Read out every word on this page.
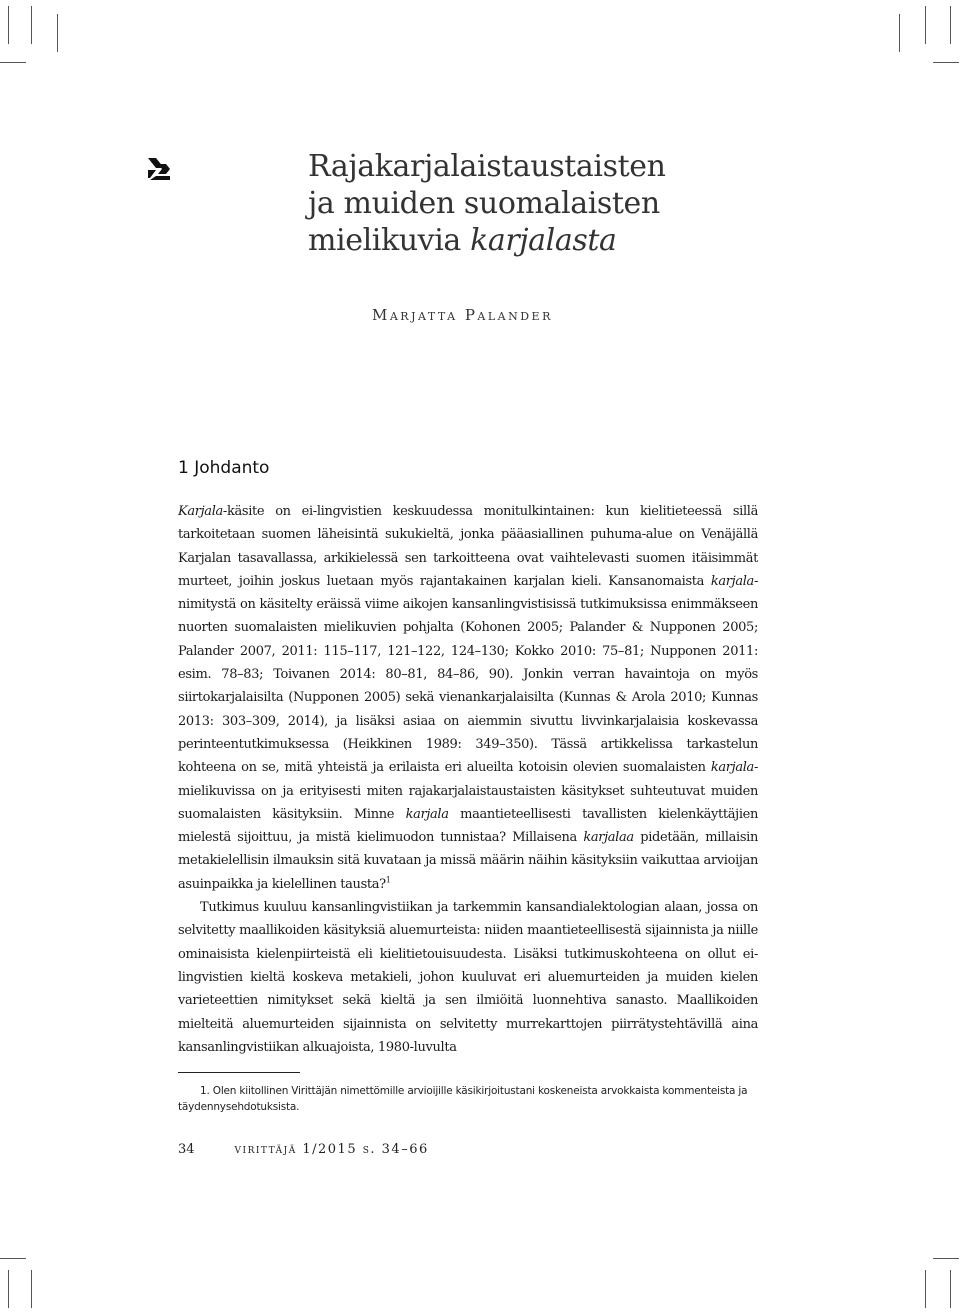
Rajakarjalaistaustaisten
ja muiden suomalaisten
mielikuvia karjalasta
Marjatta Palander
1 Johdanto

Karjala-käsite on ei-lingvistien keskuudessa monitulkintainen: kun kielitieteessä sillä tarkoitetaan suomen läheisintä sukukieltä, jonka pääasiallinen puhuma-alue on Venäjällä Karjalan tasavallassa, arkikielessä sen tarkoitteena ovat vaihtelevasti suomen itäisimmät murteet, joihin joskus luetaan myös rajantakainen karjalan kieli. Kansanomaista karjala-nimitystä on käsitelty eräissä viime aikojen kansanlingvistisissä tutkimuksissa enimmäkseen nuorten suomalaisten mielikuvien pohjalta (Kohonen 2005; Palander & Nupponen 2005; Palander 2007, 2011: 115–117, 121–122, 124–130; Kokko 2010: 75–81; Nupponen 2011: esim. 78–83; Toivanen 2014: 80–81, 84–86, 90). Jonkin verran havaintoja on myös siirtokarjalaisilta (Nupponen 2005) sekä vienankarjalaisilta (Kunnas & Arola 2010; Kunnas 2013: 303–309, 2014), ja lisäksi asiaa on aiemmin sivuttu livvinkarjalaisia koskevassa perinteentutkimuksessa (Heikkinen 1989: 349–350). Tässä artikkelissa tarkastelun kohteena on se, mitä yhteistä ja erilaista eri alueilta kotoisin olevien suomalaisten karjala-mielikuvissa on ja erityisesti miten rajakarjalaistaustaisten käsitykset suhteutuvat muiden suomalaisten käsityksiin. Minne karjala maantieteellisesti tavallisten kielenkäyttäjien mielestä sijoittuu, ja mistä kielimuodon tunnistaa? Millaisena karjalaa pidetään, millaisin metakielellisin ilmauksin sitä kuvataan ja missä määrin näihin käsityksiin vaikuttaa arvioijan asuinpaikka ja kielellinen tausta?$^1$

Tutkimus kuuluu kansanlingvistiikan ja tarkemmin kansandialektologian alaan, jossa on selvitetty maallikoiden käsityksiä aluemurteista: niiden maantieteellisestä sijainnista ja niille ominaisista kielenpiirteistä eli kielitietouisuudesta. Lisäksi tutkimuskohteena on ollut ei-lingvistien kieltä koskeva metakieli, johon kuuluvat eri aluemurteiden ja muiden kielen varieteettien nimitykset sekä kieltä ja sen ilmiöitä luonnehtiva sanasto. Maallikoiden mielteitä aluemurteiden sijainnista on selvitetty murrekarttojen piirrätystehtävillä aina kansanlingvistiikan alkuajoista, 1980-luvulta

1. Olen kiitollinen Virittäjän nimettömille arvioijille käsikirjoitustani koskeneista arvokkaista kommenteista ja täydennysehdotuksista.
34	virittäjä 1/2015 s. 34–66
